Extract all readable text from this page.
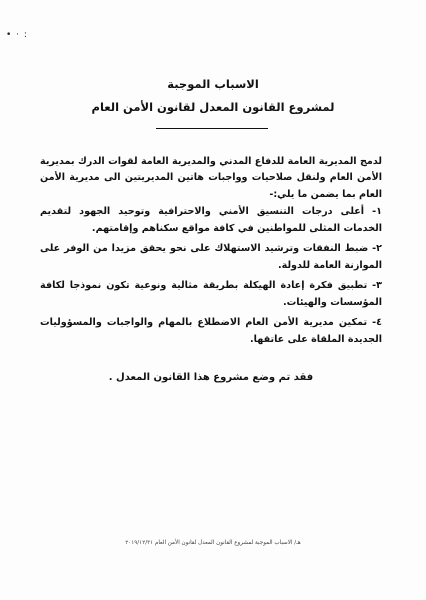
• ⋅ :
الاسباب الموجبة
لمشروع القانون المعدل لقانون الأمن العام

لدمج المديرية العامة للدفاع المدني والمديرية العامة لقوات الدرك بمديرية الأمن العام ولنقل صلاحيات وواجبات هاتين المديريتين الى مديرية الأمن العام بما يضمن ما يلي:-

١- أعلى درجات التنسيق الأمني والاحترافية وتوحيد الجهود لتقديم الخدمات المثلى للمواطنين في كافة مواقع سكناهم وإقامتهم.
٢- ضبط النفقات وترشيد الاستهلاك على نحو يحقق مزيدا من الوفر على الموازنة العامة للدولة.
٣- تطبيق فكرة إعادة الهيكلة بطريقة مثالية ونوعية تكون نموذجا لكافة المؤسسات والهيئات.
٤- تمكين مديرية الأمن العام الاضطلاع بالمهام والواجبات والمسؤوليات الجديدة الملقاة على عاتقها.

فقد تم وضع مشروع هذا القانون المعدل .

هـ/ الاسباب الموجبة لمشروع القانون المعدل لقانون الأمن العام ٢٠١٩/١٢/٣١
